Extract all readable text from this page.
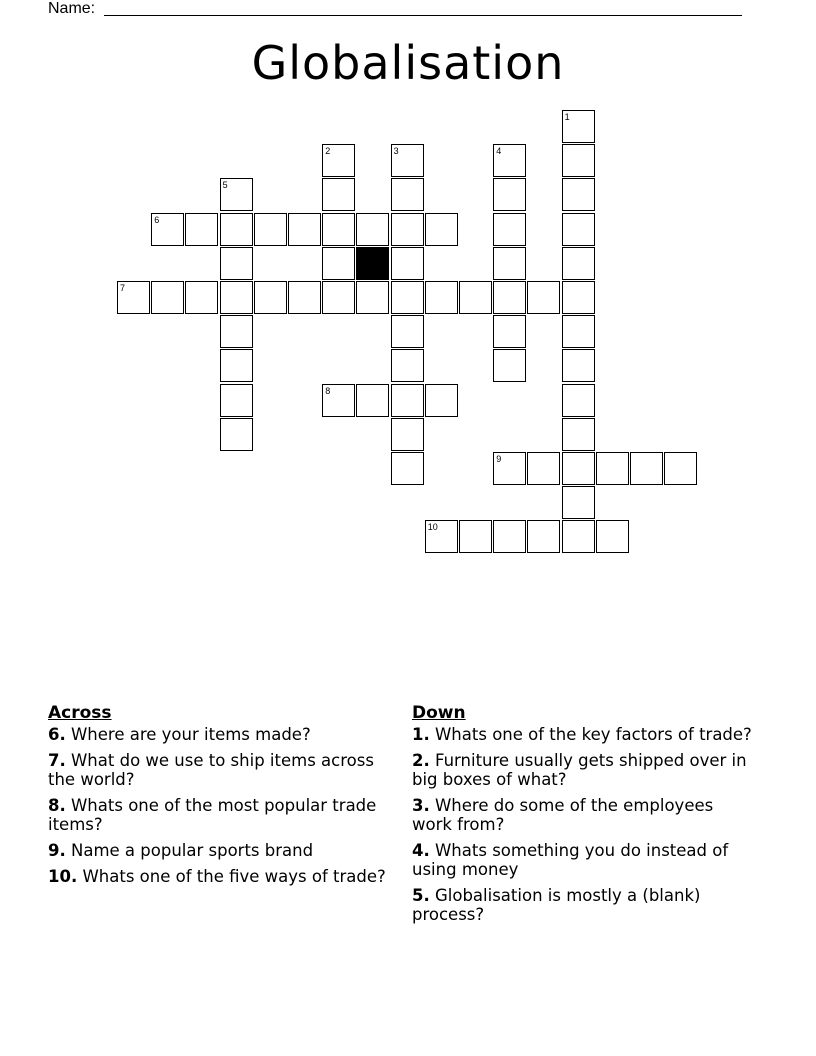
Name:
Globalisation
1
2	3	4
5
6
7
8
9
10
Across
6. Where are your items made?
7. What do we use to ship items across the world?
8. Whats one of the most popular trade items?
9. Name a popular sports brand
10. Whats one of the five ways of trade?
Down
1. Whats one of the key factors of trade?
2. Furniture usually gets shipped over in big boxes of what?
3. Where do some of the employees work from?
4. Whats something you do instead of using money
5. Globalisation is mostly a (blank) process?
